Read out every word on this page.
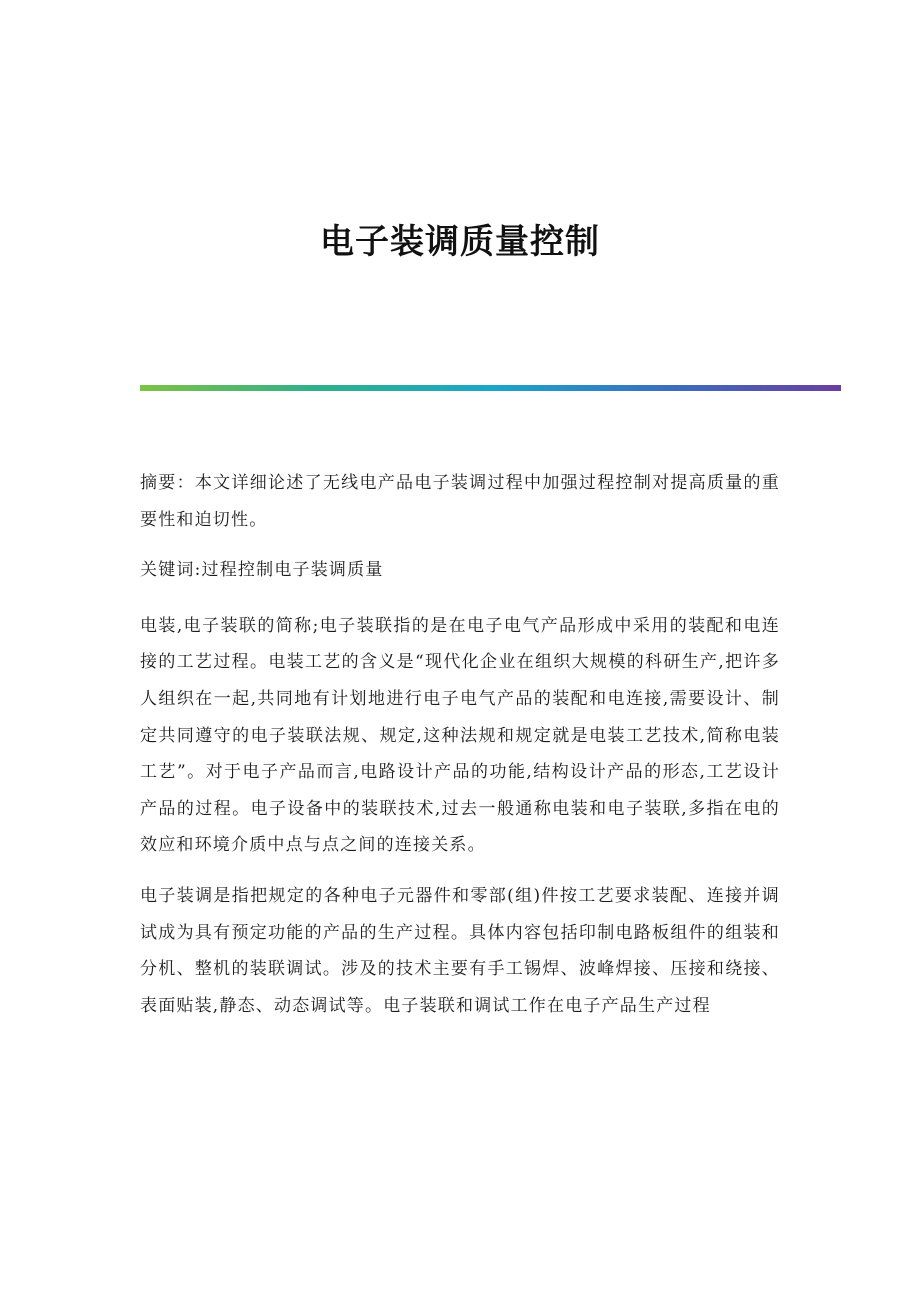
电子装调质量控制

摘要：本文详细论述了无线电产品电子装调过程中加强过程控制对提高质量的重要性和迫切性。

关键词:过程控制电子装调质量

电装,电子装联的简称;电子装联指的是在电子电气产品形成中采用的装配和电连接的工艺过程。电装工艺的含义是“现代化企业在组织大规模的科研生产,把许多人组织在一起,共同地有计划地进行电子电气产品的装配和电连接,需要设计、制定共同遵守的电子装联法规、规定,这种法规和规定就是电装工艺技术,简称电装工艺”。对于电子产品而言,电路设计产品的功能,结构设计产品的形态,工艺设计产品的过程。电子设备中的装联技术,过去一般通称电装和电子装联,多指在电的效应和环境介质中点与点之间的连接关系。

电子装调是指把规定的各种电子元器件和零部(组)件按工艺要求装配、连接并调试成为具有预定功能的产品的生产过程。具体内容包括印制电路板组件的组装和分机、整机的装联调试。涉及的技术主要有手工锡焊、波峰焊接、压接和绕接、表面贴装,静态、动态调试等。电子装联和调试工作在电子产品生产过程
